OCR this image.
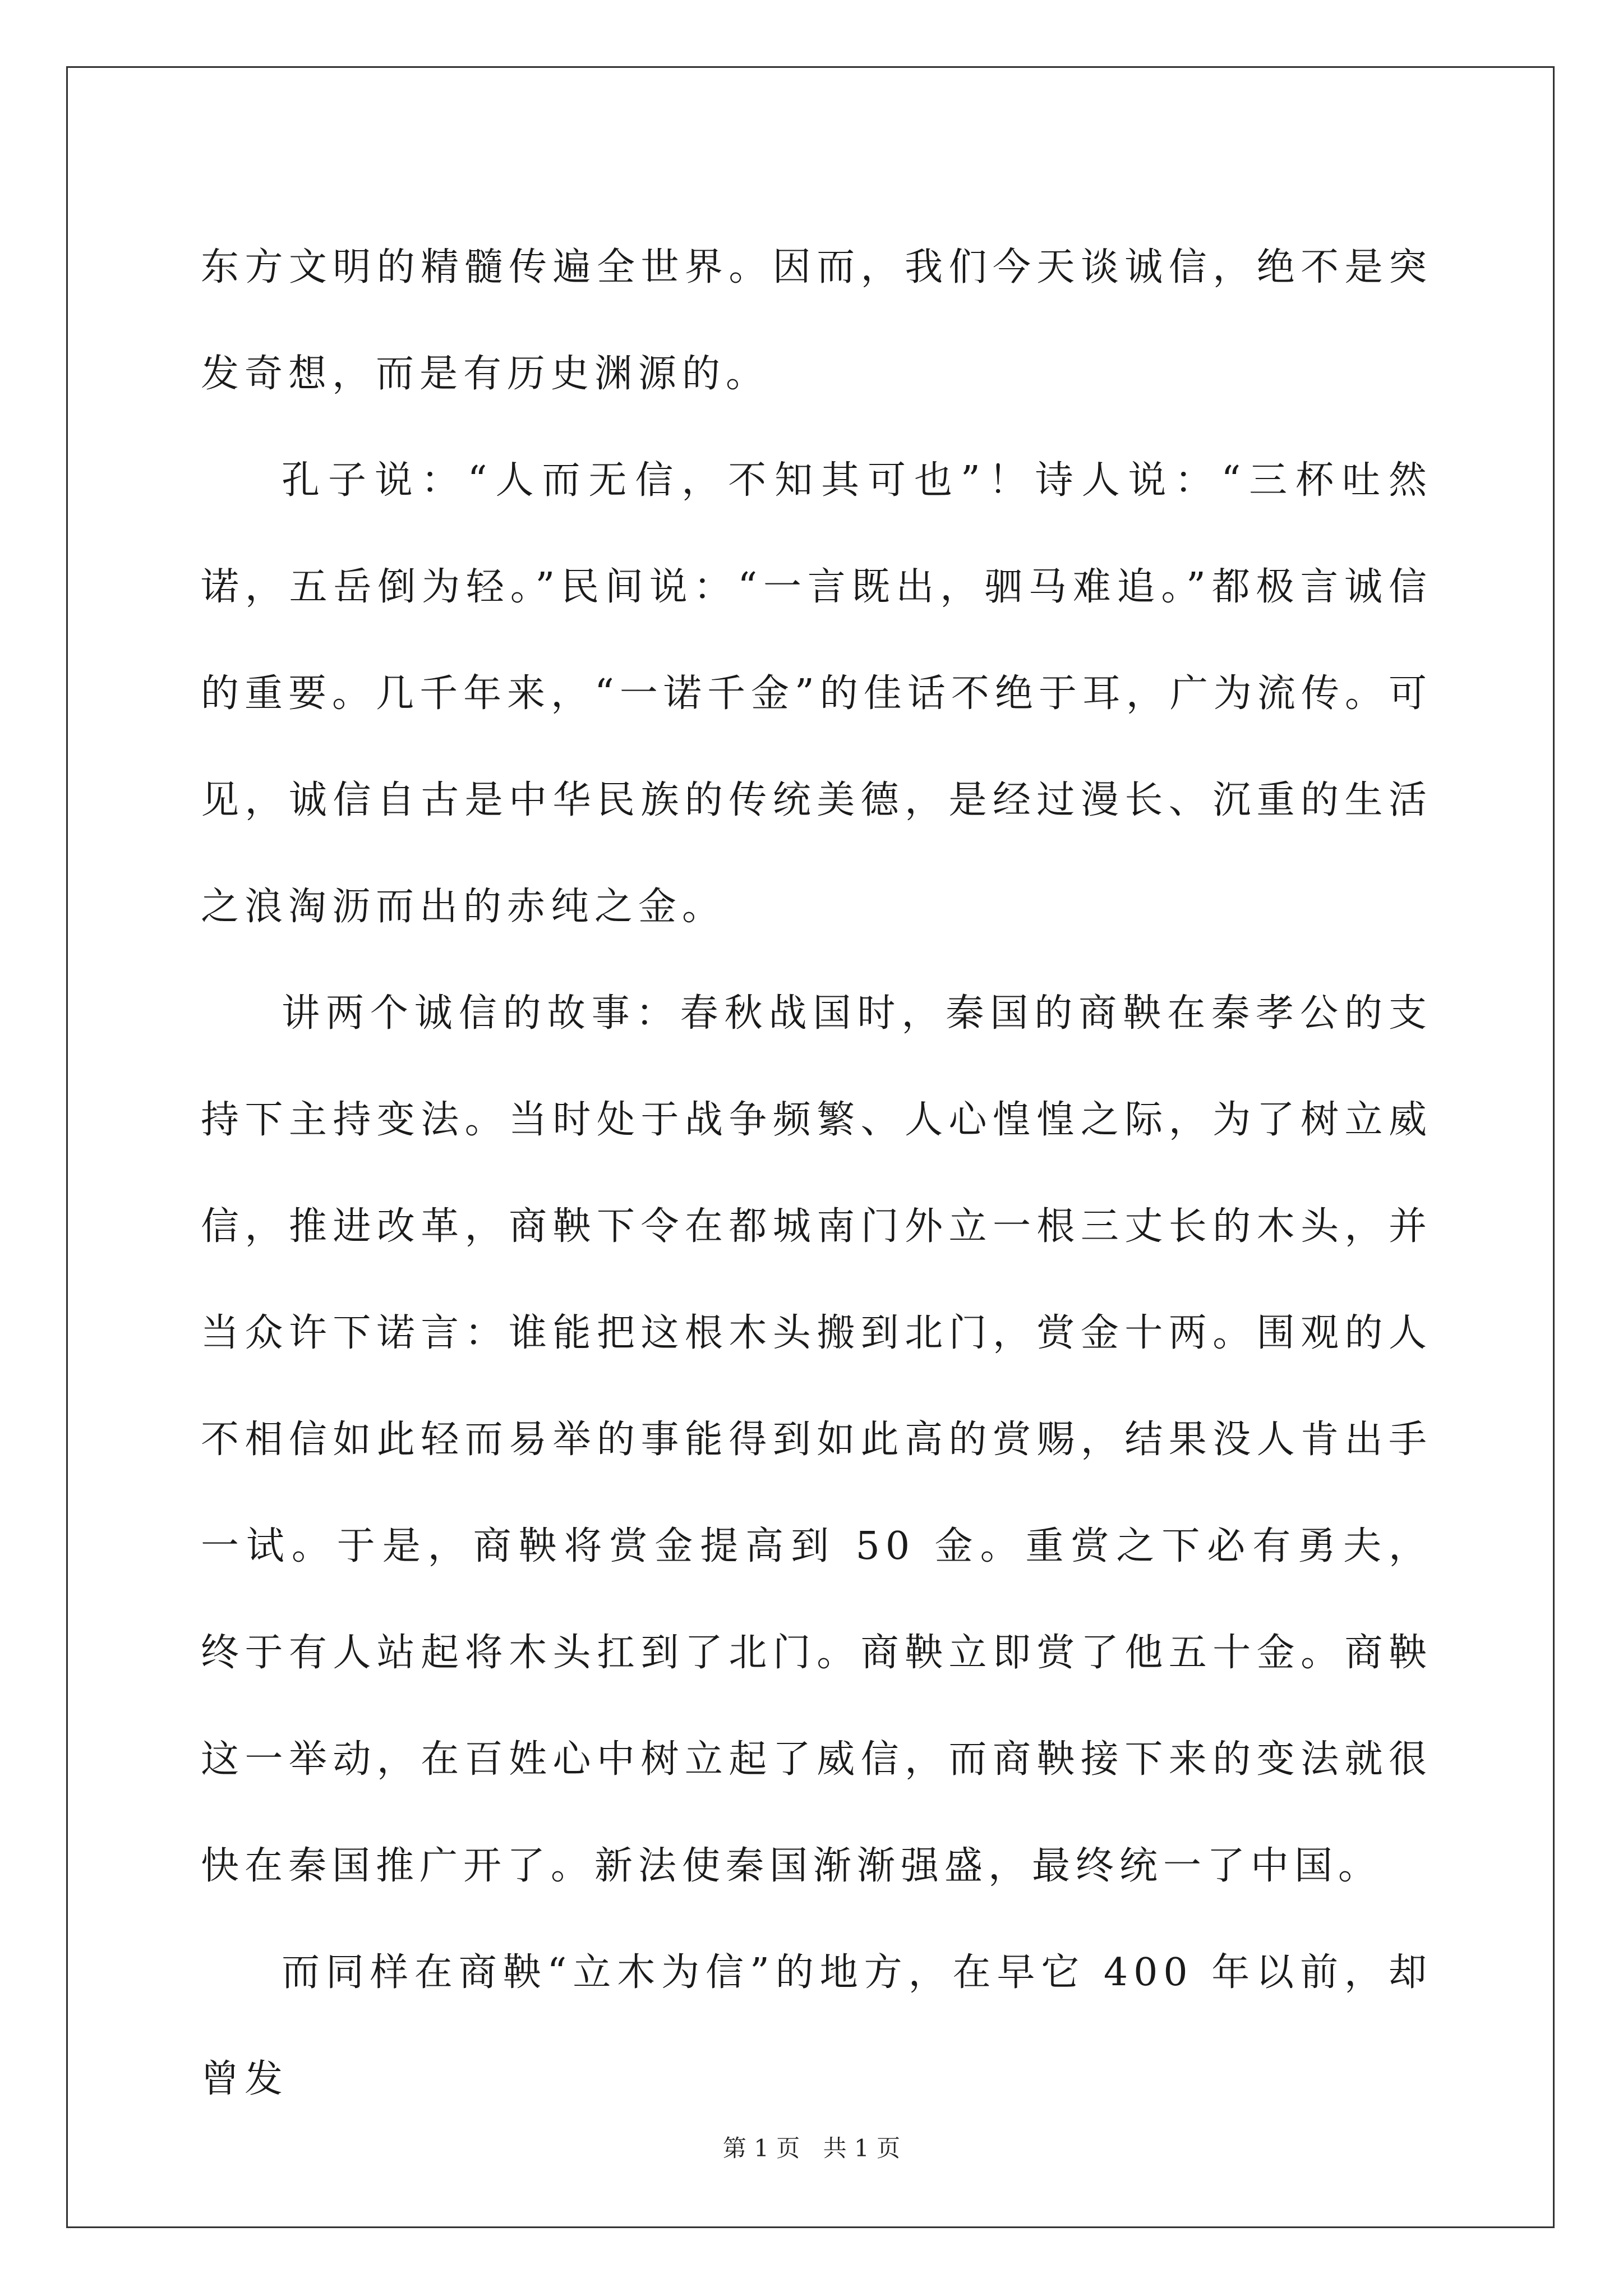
东方文明的精髓传遍全世界。因而，我们今天谈诚信，绝不是突发奇想，而是有历史渊源的。

孔子说：“人而无信，不知其可也”！诗人说：“三杯吐然诺，五岳倒为轻。”民间说：“一言既出，驷马难追。”都极言诚信的重要。几千年来，“一诺千金”的佳话不绝于耳，广为流传。可见，诚信自古是中华民族的传统美德，是经过漫长、沉重的生活之浪淘沥而出的赤纯之金。

讲两个诚信的故事：春秋战国时，秦国的商鞅在秦孝公的支持下主持变法。当时处于战争频繁、人心惶惶之际，为了树立威信，推进改革，商鞅下令在都城南门外立一根三丈长的木头，并当众许下诺言：谁能把这根木头搬到北门，赏金十两。围观的人不相信如此轻而易举的事能得到如此高的赏赐，结果没人肯出手一试。于是，商鞅将赏金提高到 50 金。重赏之下必有勇夫，终于有人站起将木头扛到了北门。商鞅立即赏了他五十金。商鞅这一举动，在百姓心中树立起了威信，而商鞅接下来的变法就很快在秦国推广开了。新法使秦国渐渐强盛，最终统一了中国。

而同样在商鞅“立木为信”的地方，在早它 400 年以前，却曾发

第 1 页 共 1 页
